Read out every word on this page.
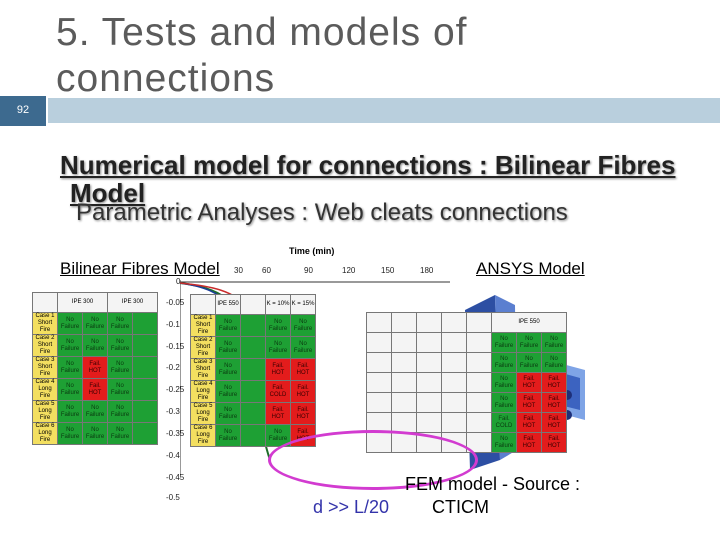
92
5. Tests and models of connections
Numerical model for connections : Bilinear Fibres
Model
Parametric Analyses : Web cleats connections
	IPE 300		IPE 300	
Case 1 Short Fire	No Failure	No Failure	No Failure	
Case 2 Short Fire	No Failure	No Failure	No Failure	
Case 3 Short Fire	No Failure	Fail. HOT	No Failure	
Case 4 Long Fire	No Failure	Fail. HOT	No Failure	
Case 5 Long Fire	No Failure	No Failure	No Failure	
Case 6 Long Fire	No Failure	No Failure	No Failure	
Time (min)
30 60	90	120	150	180
0
-0.05
-0.1
-0.15
-0.2
-0.25
-0.3
-0.35
-0.4
-0.45
-0.5
	IPE 550		K = 10%	K = 15%
Case 1 Short Fire	No Failure		No Failure	No Failure
Case 2 Short Fire	No Failure		No Failure	No Failure
Case 3 Short Fire	No Failure		Fail. HOT	Fail. HOT
Case 4 Long Fire	No Failure		Fail. COLD	Fail. HOT
Case 5 Long Fire	No Failure		Fail. HOT	Fail. HOT
Case 6 Long Fire	No Failure		No Failure	Fail. HOT
					IPE 550		
					No Failure	No Failure	No Failure
					No Failure	No Failure	No Failure
					No Failure	Fail. HOT	Fail. HOT
					No Failure	Fail. HOT	Fail. HOT
					Fail. COLD	Fail. HOT	Fail. HOT
					No Failure	Fail. HOT	Fail. HOT
Bilinear Fibres Model	ANSYS Model
FEM model - Source :
CTICM
d >> L/20
